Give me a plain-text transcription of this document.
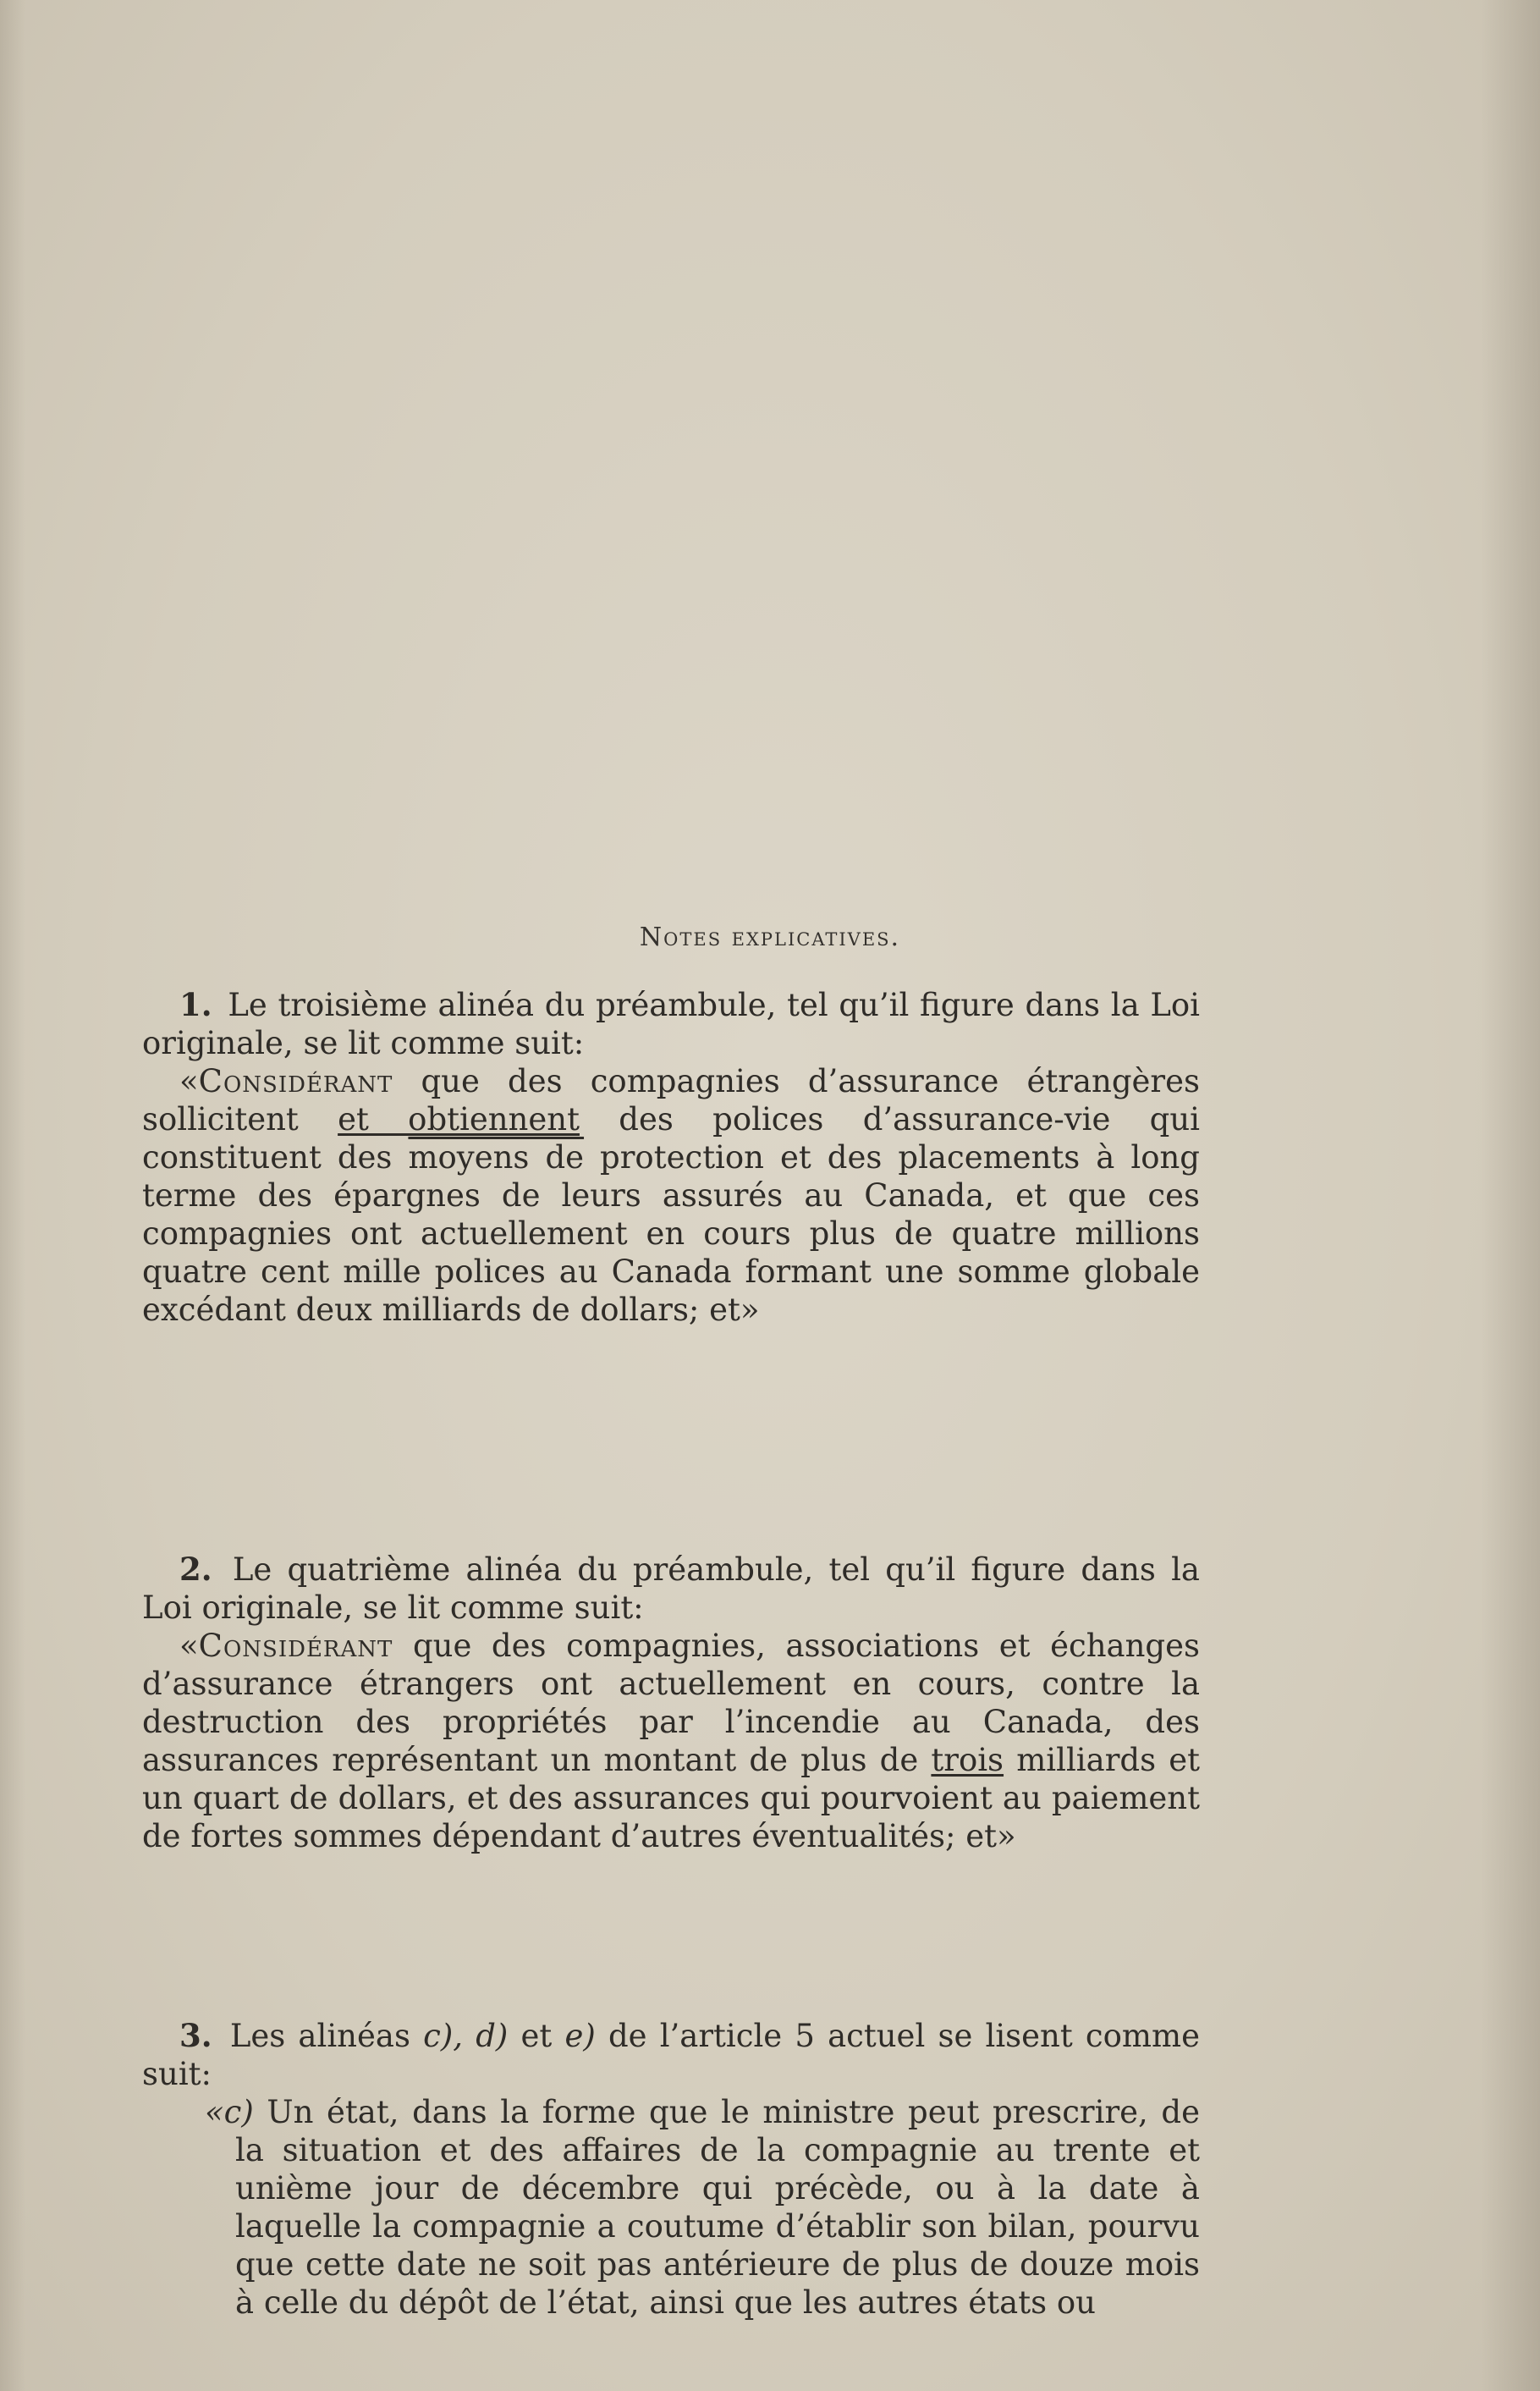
Notes explicatives.

1. Le troisième alinéa du préambule, tel qu’il figure dans la Loi originale, se lit comme suit:

«Considérant que des compagnies d’assurance étrangères sollicitent et obtiennent des polices d’assurance-vie qui constituent des moyens de protection et des placements à long terme des épargnes de leurs assurés au Canada, et que ces compagnies ont actuellement en cours plus de quatre millions quatre cent mille polices au Canada formant une somme globale excédant deux milliards de dollars; et»

2. Le quatrième alinéa du préambule, tel qu’il figure dans la Loi originale, se lit comme suit:

«Considérant que des compagnies, associations et échanges d’assurance étrangers ont actuellement en cours, contre la destruction des propriétés par l’incendie au Canada, des assurances représentant un montant de plus de trois milliards et un quart de dollars, et des assurances qui pourvoient au paiement de fortes sommes dépendant d’autres éventualités; et»

3. Les alinéas c), d) et e) de l’article 5 actuel se lisent comme suit:

«c) Un état, dans la forme que le ministre peut prescrire, de la situation et des affaires de la compagnie au trente et unième jour de décembre qui précède, ou à la date à laquelle la compagnie a coutume d’établir son bilan, pourvu que cette date ne soit pas antérieure de plus de douze mois à celle du dépôt de l’état, ainsi que les autres états ou
